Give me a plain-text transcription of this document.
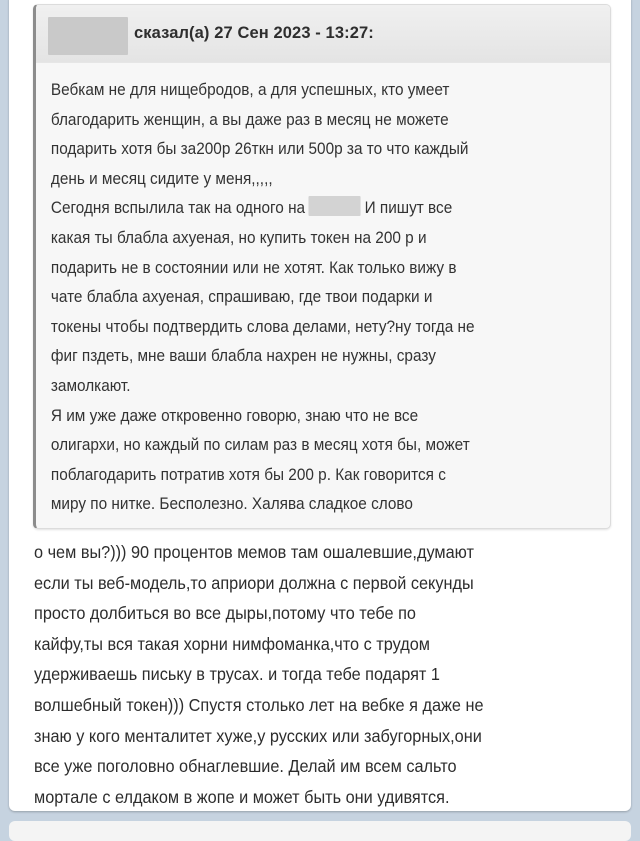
сказал(а) 27 Сен 2023 - 13:27:

Вебкам не для нищебродов, а для успешных, кто умеет

благодарить женщин, а вы даже раз в месяц не можете

подарить хотя бы за200р 26ткн или 500р за то что каждый

день и месяц сидите у меня,,,,,

Сегодня вспылила так на одного на	И пишут все

какая ты блабла ахуеная, но купить токен на 200 р и

подарить не в состоянии или не хотят. Как только вижу в

чате блабла ахуеная, спрашиваю, где твои подарки и

токены чтобы подтвердить слова делами, нету?ну тогда не

фиг пздеть, мне ваши блабла нахрен не нужны, сразу

замолкают.

Я им уже даже откровенно говорю, знаю что не все

олигархи, но каждый по силам раз в месяц хотя бы, может

поблагодарить потратив хотя бы 200 р. Как говорится с

миру по нитке. Бесполезно. Халява сладкое слово

о чем вы?))) 90 процентов мемов там ошалевшие,думают

если ты веб-модель,то априори должна с первой секунды

просто долбиться во все дыры,потому что тебе по

кайфу,ты вся такая хорни нимфоманка,что с трудом

удерживаешь письку в трусах. и тогда тебе подарят 1

волшебный токен))) Спустя столько лет на вебке я даже не

знаю у кого менталитет хуже,у русских или забугорных,они

все уже поголовно обнаглевшие. Делай им всем сальто

мортале с елдаком в жопе и может быть они удивятся.
